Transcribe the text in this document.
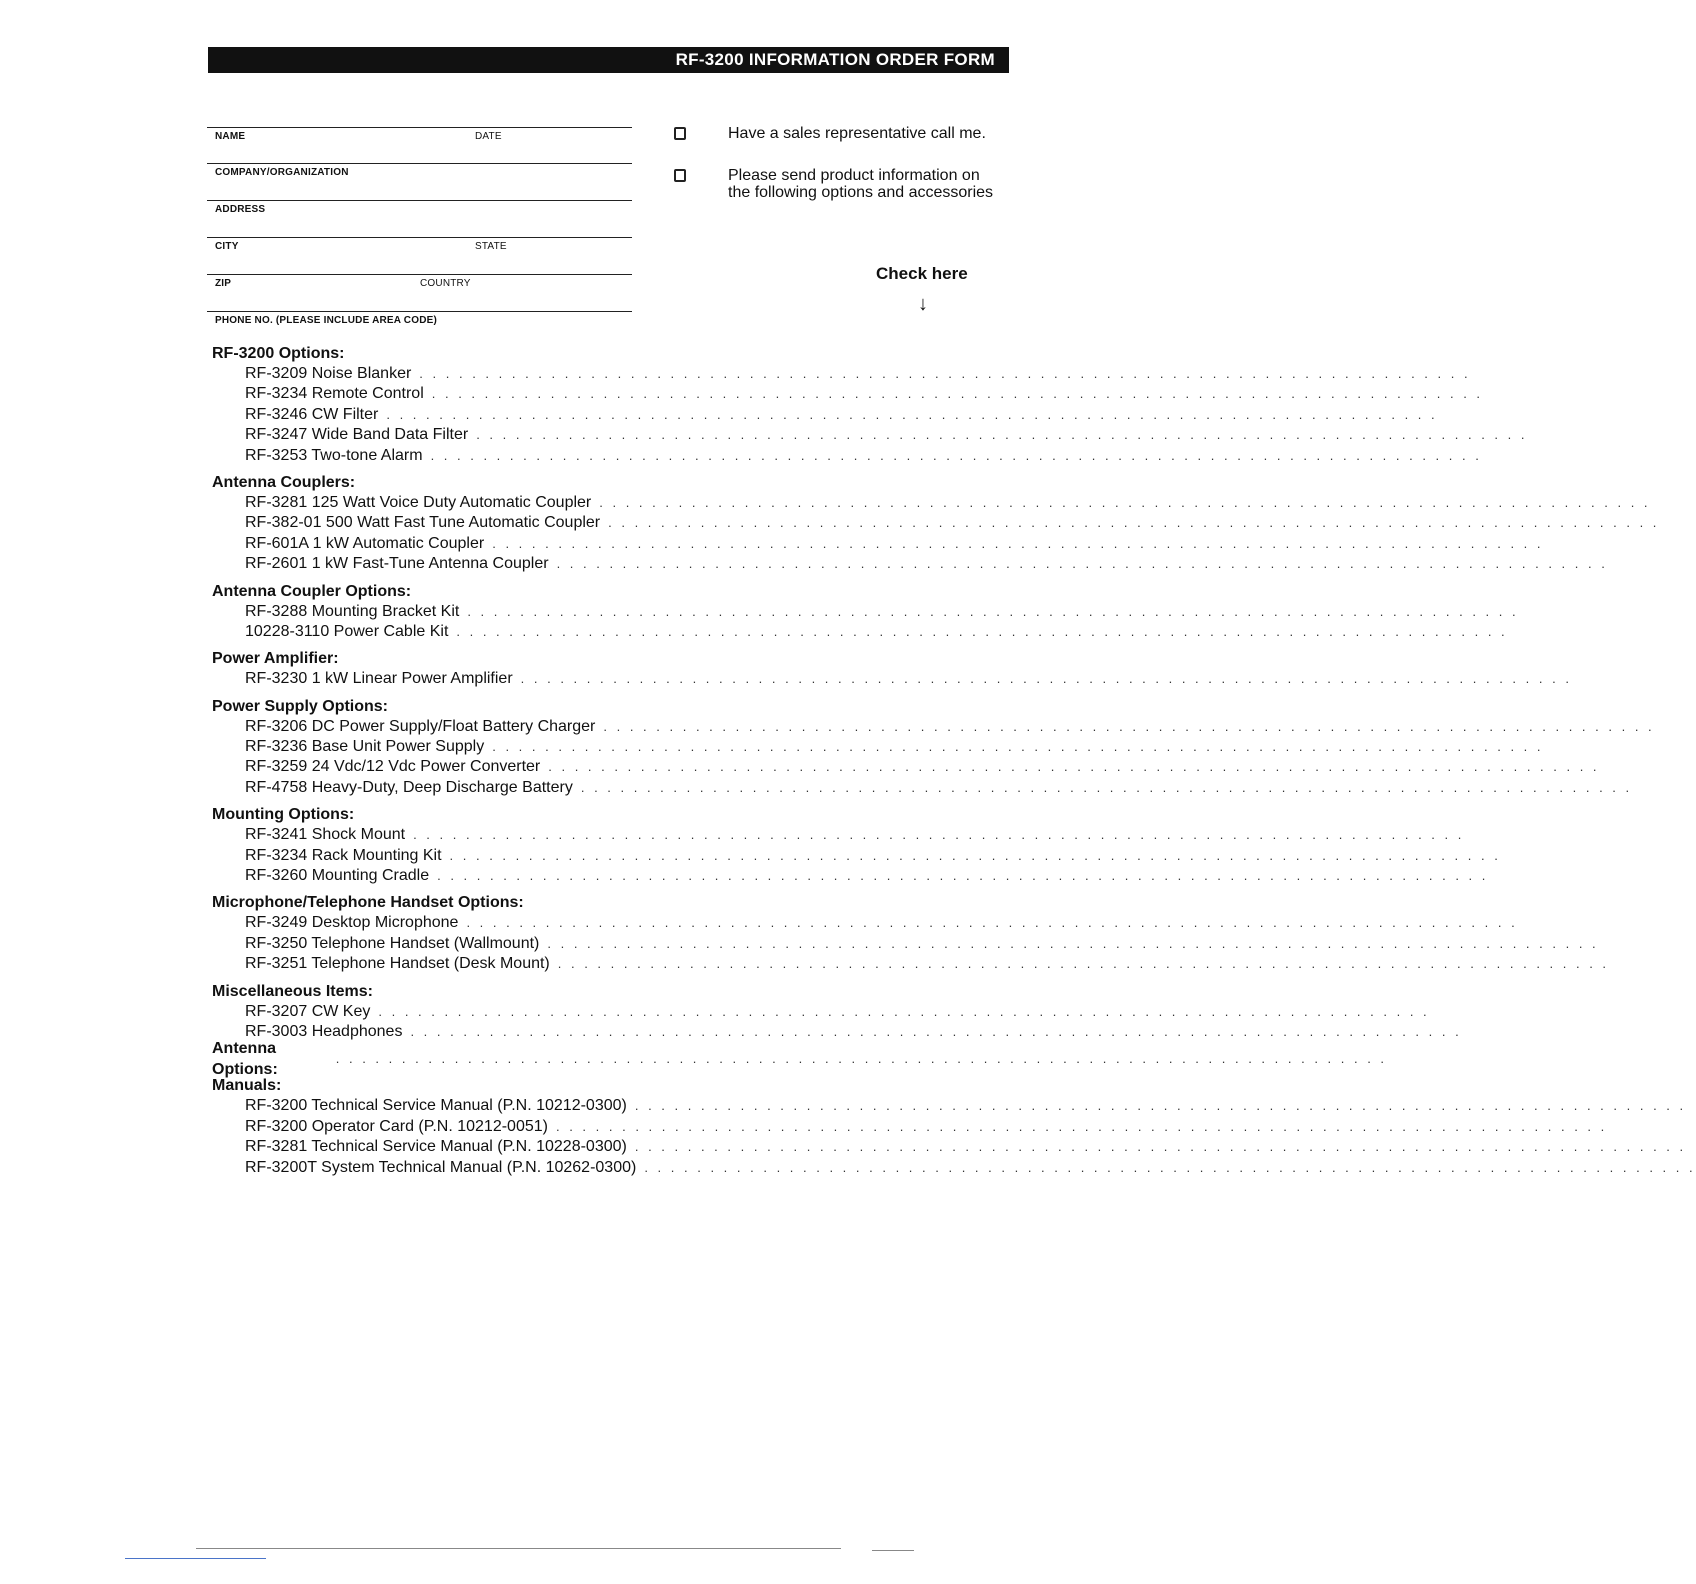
RF-3200 INFORMATION ORDER FORM
NAME	DATE
COMPANY/ORGANIZATION
ADDRESS
CITY	STATE
ZIP	COUNTRY
PHONE NO. (PLEASE INCLUDE AREA CODE)
Have a sales representative call me.
Please send product information on the following options and accessories
Check here
↓
RF-3200 Options:
RF-3209 Noise Blanker . . . . . . . . . . . . . . . . . . . . . . . . . . . . . . . . . . . . . . . . . . . . . . . . . . . . . . . . . . . . . . . . . . . . . . . . . . . . . . . .
RF-3234 Remote Control . . . . . . . . . . . . . . . . . . . . . . . . . . . . . . . . . . . . . . . . . . . . . . . . . . . . . . . . . . . . . . . . . . . . . . . . . . . . . . . .
RF-3246 CW Filter . . . . . . . . . . . . . . . . . . . . . . . . . . . . . . . . . . . . . . . . . . . . . . . . . . . . . . . . . . . . . . . . . . . . . . . . . . . . . . . .
RF-3247 Wide Band Data Filter . . . . . . . . . . . . . . . . . . . . . . . . . . . . . . . . . . . . . . . . . . . . . . . . . . . . . . . . . . . . . . . . . . . . . . . . . . . . . . . .
RF-3253 Two-tone Alarm . . . . . . . . . . . . . . . . . . . . . . . . . . . . . . . . . . . . . . . . . . . . . . . . . . . . . . . . . . . . . . . . . . . . . . . . . . . . . . . .
Antenna Couplers:
RF-3281 125 Watt Voice Duty Automatic Coupler . . . . . . . . . . . . . . . . . . . . . . . . . . . . . . . . . . . . . . . . . . . . . . . . . . . . . . . . . . . . . . . . . . . . . . . . . . . . . . . .
RF-382-01 500 Watt Fast Tune Automatic Coupler . . . . . . . . . . . . . . . . . . . . . . . . . . . . . . . . . . . . . . . . . . . . . . . . . . . . . . . . . . . . . . . . . . . . . . . . . . . . . . . .
RF-601A 1 kW Automatic Coupler . . . . . . . . . . . . . . . . . . . . . . . . . . . . . . . . . . . . . . . . . . . . . . . . . . . . . . . . . . . . . . . . . . . . . . . . . . . . . . . .
RF-2601 1 kW Fast-Tune Antenna Coupler . . . . . . . . . . . . . . . . . . . . . . . . . . . . . . . . . . . . . . . . . . . . . . . . . . . . . . . . . . . . . . . . . . . . . . . . . . . . . . . .
Antenna Coupler Options:
RF-3288 Mounting Bracket Kit . . . . . . . . . . . . . . . . . . . . . . . . . . . . . . . . . . . . . . . . . . . . . . . . . . . . . . . . . . . . . . . . . . . . . . . . . . . . . . . .
10228-3110 Power Cable Kit . . . . . . . . . . . . . . . . . . . . . . . . . . . . . . . . . . . . . . . . . . . . . . . . . . . . . . . . . . . . . . . . . . . . . . . . . . . . . . . .
Power Amplifier:
RF-3230 1 kW Linear Power Amplifier . . . . . . . . . . . . . . . . . . . . . . . . . . . . . . . . . . . . . . . . . . . . . . . . . . . . . . . . . . . . . . . . . . . . . . . . . . . . . . . .
Power Supply Options:
RF-3206 DC Power Supply/Float Battery Charger . . . . . . . . . . . . . . . . . . . . . . . . . . . . . . . . . . . . . . . . . . . . . . . . . . . . . . . . . . . . . . . . . . . . . . . . . . . . . . . .
RF-3236 Base Unit Power Supply . . . . . . . . . . . . . . . . . . . . . . . . . . . . . . . . . . . . . . . . . . . . . . . . . . . . . . . . . . . . . . . . . . . . . . . . . . . . . . . .
RF-3259 24 Vdc/12 Vdc Power Converter . . . . . . . . . . . . . . . . . . . . . . . . . . . . . . . . . . . . . . . . . . . . . . . . . . . . . . . . . . . . . . . . . . . . . . . . . . . . . . . .
RF-4758 Heavy-Duty, Deep Discharge Battery . . . . . . . . . . . . . . . . . . . . . . . . . . . . . . . . . . . . . . . . . . . . . . . . . . . . . . . . . . . . . . . . . . . . . . . . . . . . . . . .
Mounting Options:
RF-3241 Shock Mount . . . . . . . . . . . . . . . . . . . . . . . . . . . . . . . . . . . . . . . . . . . . . . . . . . . . . . . . . . . . . . . . . . . . . . . . . . . . . . . .
RF-3234 Rack Mounting Kit . . . . . . . . . . . . . . . . . . . . . . . . . . . . . . . . . . . . . . . . . . . . . . . . . . . . . . . . . . . . . . . . . . . . . . . . . . . . . . . .
RF-3260 Mounting Cradle . . . . . . . . . . . . . . . . . . . . . . . . . . . . . . . . . . . . . . . . . . . . . . . . . . . . . . . . . . . . . . . . . . . . . . . . . . . . . . . .
Microphone/Telephone Handset Options:
RF-3249 Desktop Microphone . . . . . . . . . . . . . . . . . . . . . . . . . . . . . . . . . . . . . . . . . . . . . . . . . . . . . . . . . . . . . . . . . . . . . . . . . . . . . . . .
RF-3250 Telephone Handset (Wallmount) . . . . . . . . . . . . . . . . . . . . . . . . . . . . . . . . . . . . . . . . . . . . . . . . . . . . . . . . . . . . . . . . . . . . . . . . . . . . . . . .
RF-3251 Telephone Handset (Desk Mount) . . . . . . . . . . . . . . . . . . . . . . . . . . . . . . . . . . . . . . . . . . . . . . . . . . . . . . . . . . . . . . . . . . . . . . . . . . . . . . . .
Miscellaneous Items:
RF-3207 CW Key . . . . . . . . . . . . . . . . . . . . . . . . . . . . . . . . . . . . . . . . . . . . . . . . . . . . . . . . . . . . . . . . . . . . . . . . . . . . . . . .
RF-3003 Headphones . . . . . . . . . . . . . . . . . . . . . . . . . . . . . . . . . . . . . . . . . . . . . . . . . . . . . . . . . . . . . . . . . . . . . . . . . . . . . . . .
Antenna Options:
. . . . . . . . . . . . . . . . . . . . . . . . . . . . . . . . . . . . . . . . . . . . . . . . . . . . . . . . . . . . . . . . . . . . . . . . . . . . . . . .
Manuals:
RF-3200 Technical Service Manual (P.N. 10212-0300) . . . . . . . . . . . . . . . . . . . . . . . . . . . . . . . . . . . . . . . . . . . . . . . . . . . . . . . . . . . . . . . . . . . . . . . . . . . . . . . .
RF-3200 Operator Card (P.N. 10212-0051) . . . . . . . . . . . . . . . . . . . . . . . . . . . . . . . . . . . . . . . . . . . . . . . . . . . . . . . . . . . . . . . . . . . . . . . . . . . . . . . .
RF-3281 Technical Service Manual (P.N. 10228-0300) . . . . . . . . . . . . . . . . . . . . . . . . . . . . . . . . . . . . . . . . . . . . . . . . . . . . . . . . . . . . . . . . . . . . . . . . . . . . . . . .
RF-3200T System Technical Manual (P.N. 10262-0300) . . . . . . . . . . . . . . . . . . . . . . . . . . . . . . . . . . . . . . . . . . . . . . . . . . . . . . . . . . . . . . . . . . . . . . . . . . . . . . . .
